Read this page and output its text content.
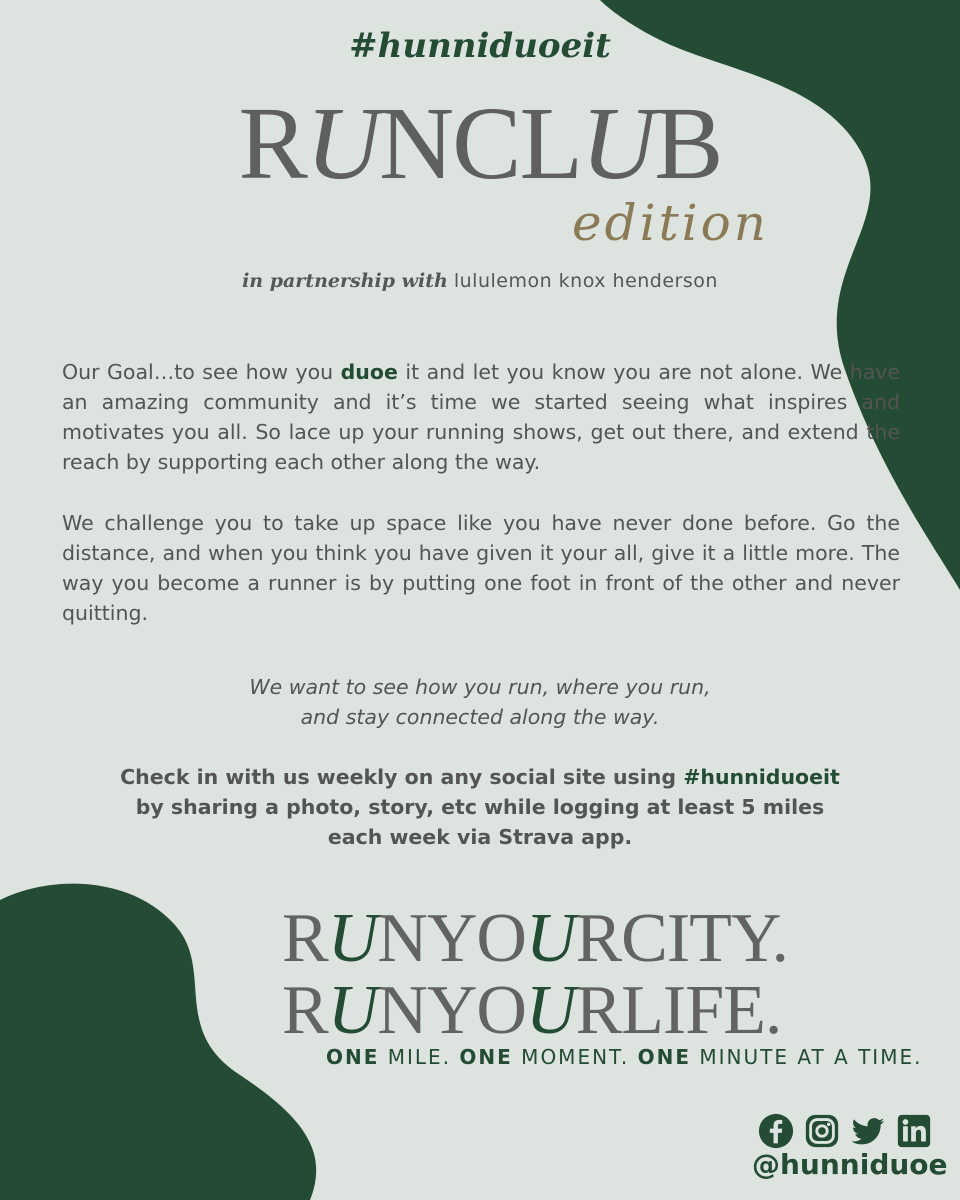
#hunniduoeit
RUNCLUB
edition
in partnership with lululemon knox henderson
Our Goal…to see how you duoe it and let you know you are not alone. We have an amazing community and it’s time we started seeing what inspires and motivates you all. So lace up your running shows, get out there, and extend the reach by supporting each other along the way.
We challenge you to take up space like you have never done before. Go the distance, and when you think you have given it your all, give it a little more. The way you become a runner is by putting one foot in front of the other and never quitting.
We want to see how you run, where you run,
and stay connected along the way.
Check in with us weekly on any social site using #hunniduoeit
by sharing a photo, story, etc while logging at least 5 miles
each week via Strava app.
RUNYOURCITY.
RUNYOURLIFE.
ONE MILE. ONE MOMENT. ONE MINUTE AT A TIME.
@hunniduoe
